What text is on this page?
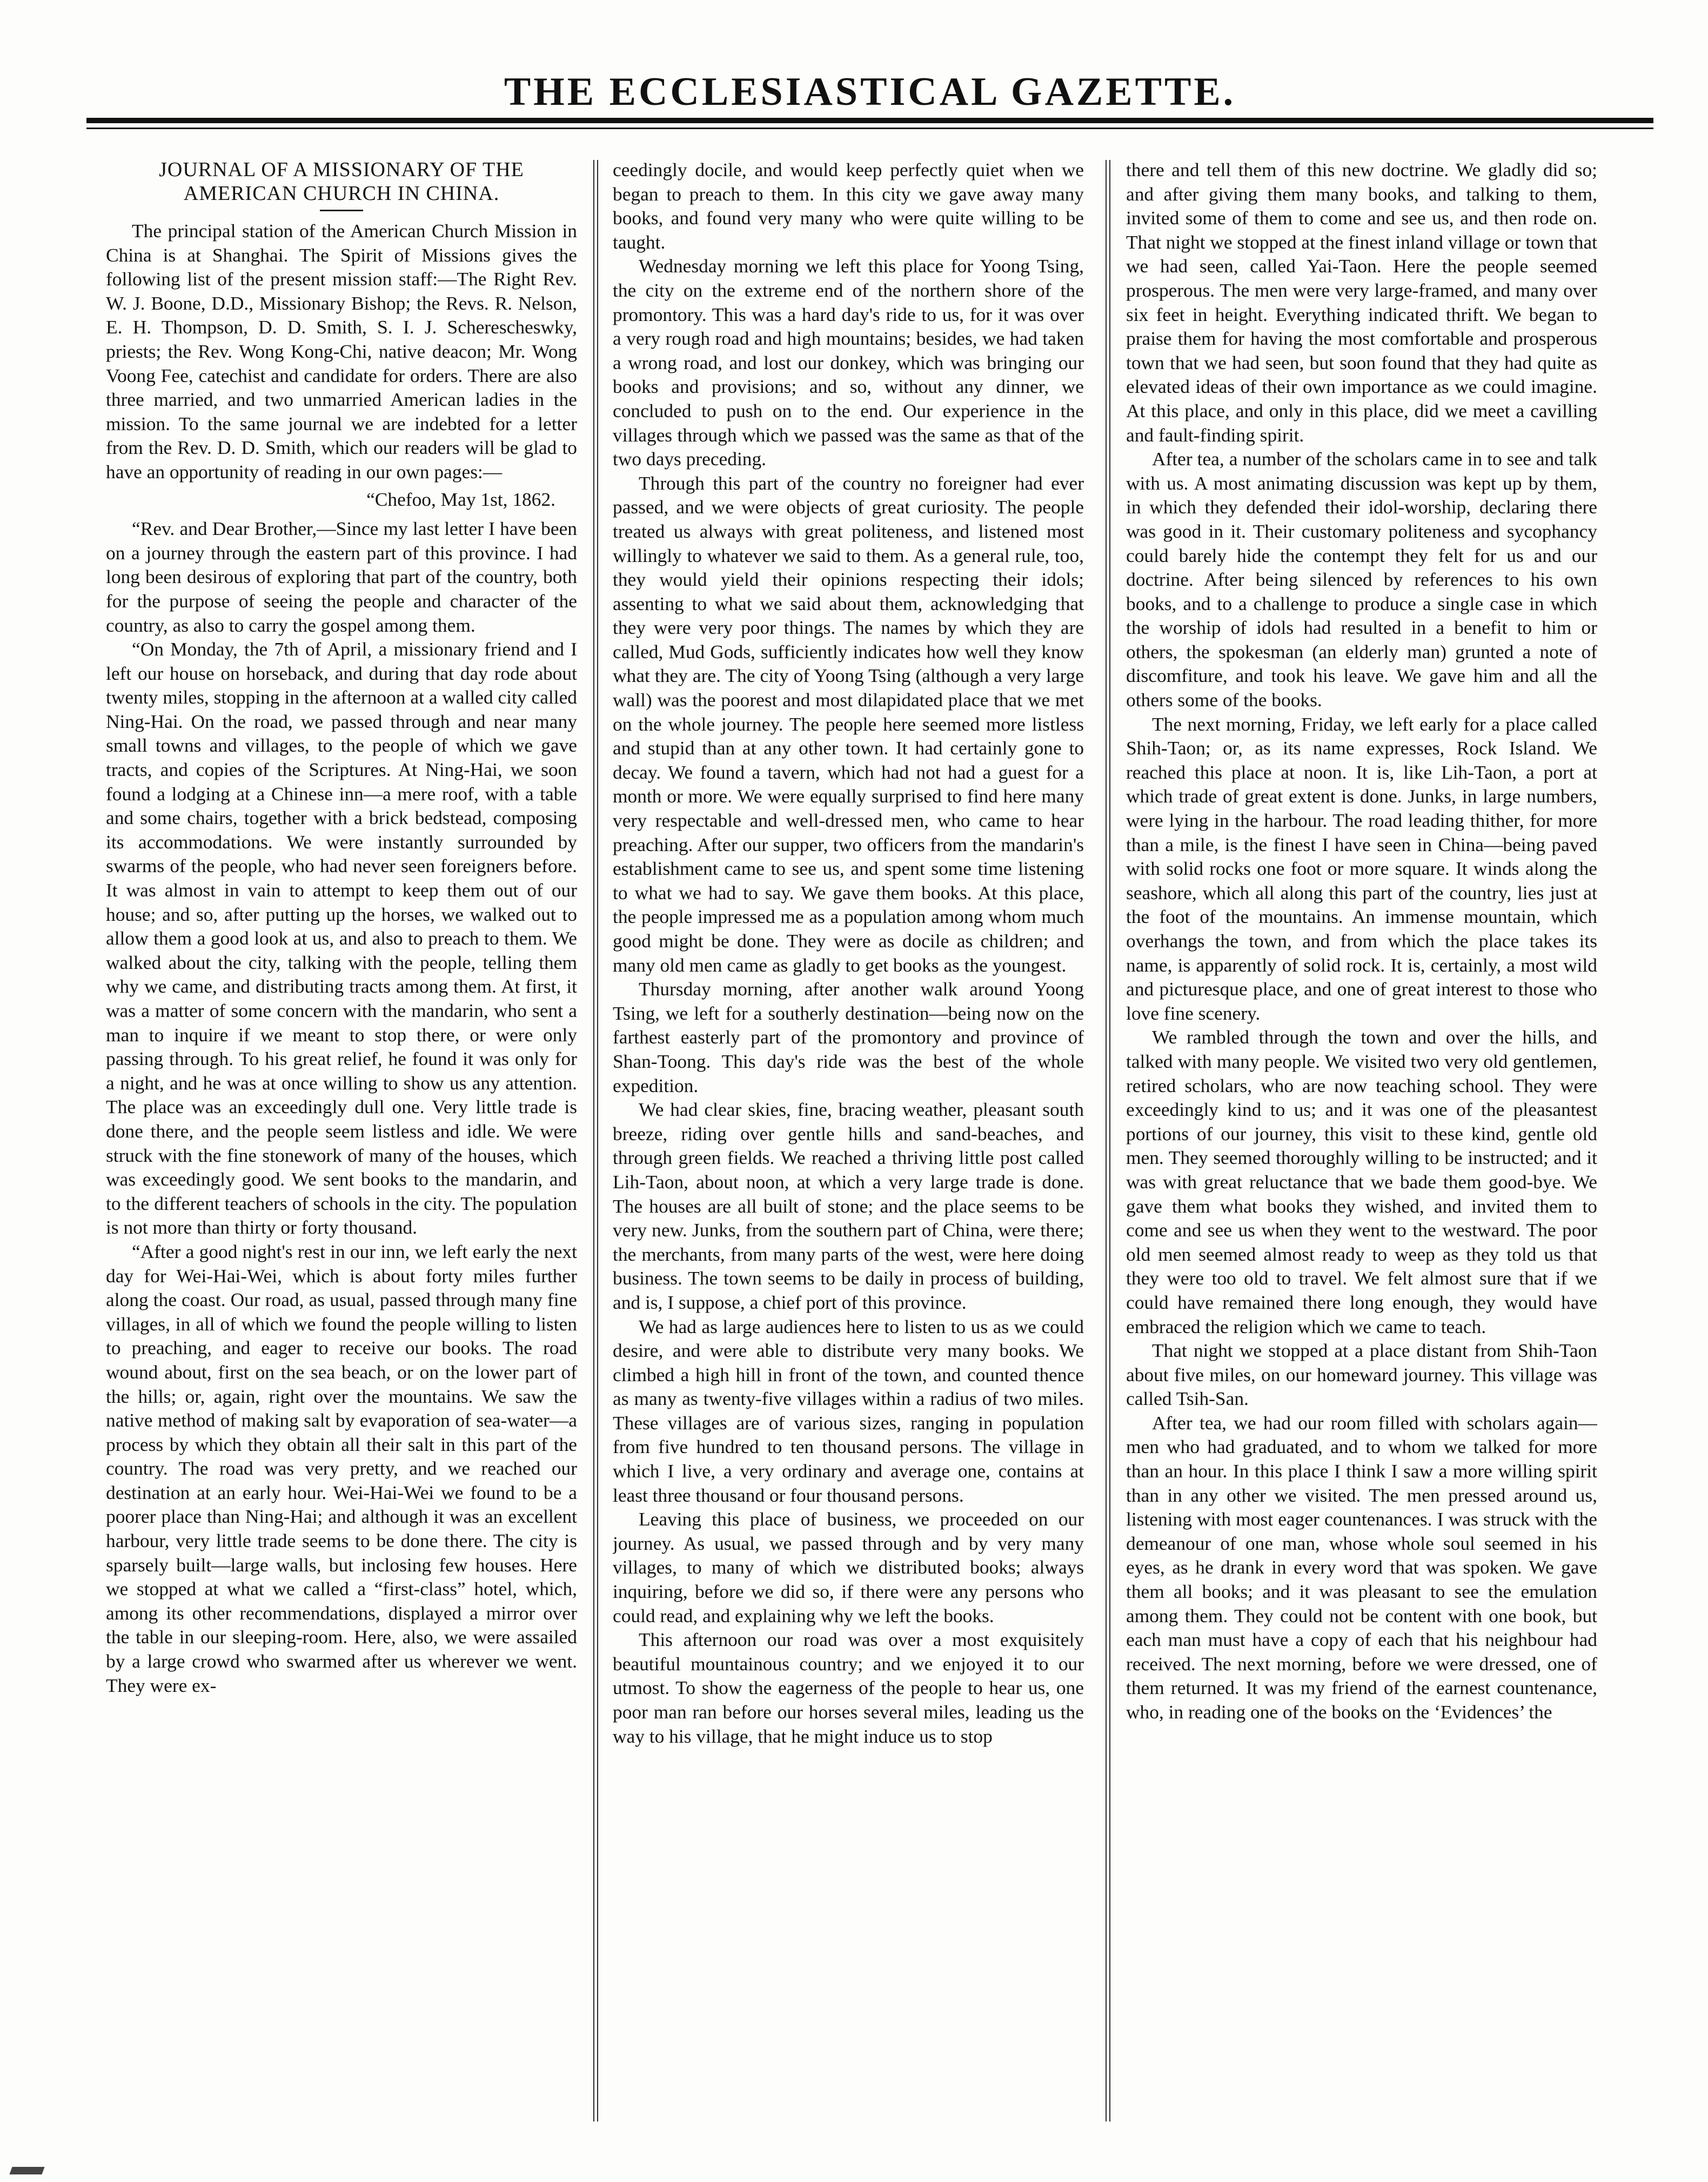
THE ECCLESIASTICAL GAZETTE.
JOURNAL OF A MISSIONARY OF THE AMERICAN CHURCH IN CHINA.

The principal station of the American Church Mission in China is at Shanghai. The Spirit of Missions gives the following list of the present mission staff:—The Right Rev. W. J. Boone, D.D., Missionary Bishop; the Revs. R. Nelson, E. H. Thompson, D. D. Smith, S. I. J. Scherescheswky, priests; the Rev. Wong Kong-Chi, native deacon; Mr. Wong Voong Fee, catechist and candidate for orders. There are also three married, and two unmarried American ladies in the mission. To the same journal we are indebted for a letter from the Rev. D. D. Smith, which our readers will be glad to have an opportunity of reading in our own pages:—

“Chefoo, May 1st, 1862.

“Rev. and Dear Brother,—Since my last letter I have been on a journey through the eastern part of this province. I had long been desirous of exploring that part of the country, both for the purpose of seeing the people and character of the country, as also to carry the gospel among them.

“On Monday, the 7th of April, a missionary friend and I left our house on horseback, and during that day rode about twenty miles, stopping in the afternoon at a walled city called Ning-Hai. On the road, we passed through and near many small towns and villages, to the people of which we gave tracts, and copies of the Scriptures. At Ning-Hai, we soon found a lodging at a Chinese inn—a mere roof, with a table and some chairs, together with a brick bedstead, composing its accommodations. We were instantly surrounded by swarms of the people, who had never seen foreigners before. It was almost in vain to attempt to keep them out of our house; and so, after putting up the horses, we walked out to allow them a good look at us, and also to preach to them. We walked about the city, talking with the people, telling them why we came, and distributing tracts among them. At first, it was a matter of some concern with the mandarin, who sent a man to inquire if we meant to stop there, or were only passing through. To his great relief, he found it was only for a night, and he was at once willing to show us any attention. The place was an exceedingly dull one. Very little trade is done there, and the people seem listless and idle. We were struck with the fine stonework of many of the houses, which was exceedingly good. We sent books to the mandarin, and to the different teachers of schools in the city. The population is not more than thirty or forty thousand.

“After a good night's rest in our inn, we left early the next day for Wei-Hai-Wei, which is about forty miles further along the coast. Our road, as usual, passed through many fine villages, in all of which we found the people willing to listen to preaching, and eager to receive our books. The road wound about, first on the sea beach, or on the lower part of the hills; or, again, right over the mountains. We saw the native method of making salt by evaporation of sea-water—a process by which they obtain all their salt in this part of the country. The road was very pretty, and we reached our destination at an early hour. Wei-Hai-Wei we found to be a poorer place than Ning-Hai; and although it was an excellent harbour, very little trade seems to be done there. The city is sparsely built—large walls, but inclosing few houses. Here we stopped at what we called a “first-class” hotel, which, among its other recommendations, displayed a mirror over the table in our sleeping-room. Here, also, we were assailed by a large crowd who swarmed after us wherever we went. They were ex-

ceedingly docile, and would keep perfectly quiet when we began to preach to them. In this city we gave away many books, and found very many who were quite willing to be taught.

Wednesday morning we left this place for Yoong Tsing, the city on the extreme end of the northern shore of the promontory. This was a hard day's ride to us, for it was over a very rough road and high mountains; besides, we had taken a wrong road, and lost our donkey, which was bringing our books and provisions; and so, without any dinner, we concluded to push on to the end. Our experience in the villages through which we passed was the same as that of the two days preceding.

Through this part of the country no foreigner had ever passed, and we were objects of great curiosity. The people treated us always with great politeness, and listened most willingly to whatever we said to them. As a general rule, too, they would yield their opinions respecting their idols; assenting to what we said about them, acknowledging that they were very poor things. The names by which they are called, Mud Gods, sufficiently indicates how well they know what they are. The city of Yoong Tsing (although a very large wall) was the poorest and most dilapidated place that we met on the whole journey. The people here seemed more listless and stupid than at any other town. It had certainly gone to decay. We found a tavern, which had not had a guest for a month or more. We were equally surprised to find here many very respectable and well-dressed men, who came to hear preaching. After our supper, two officers from the mandarin's establishment came to see us, and spent some time listening to what we had to say. We gave them books. At this place, the people impressed me as a population among whom much good might be done. They were as docile as children; and many old men came as gladly to get books as the youngest.

Thursday morning, after another walk around Yoong Tsing, we left for a southerly destination—being now on the farthest easterly part of the promontory and province of Shan-Toong. This day's ride was the best of the whole expedition.

We had clear skies, fine, bracing weather, pleasant south breeze, riding over gentle hills and sand-beaches, and through green fields. We reached a thriving little post called Lih-Taon, about noon, at which a very large trade is done. The houses are all built of stone; and the place seems to be very new. Junks, from the southern part of China, were there; the merchants, from many parts of the west, were here doing business. The town seems to be daily in process of building, and is, I suppose, a chief port of this province.

We had as large audiences here to listen to us as we could desire, and were able to distribute very many books. We climbed a high hill in front of the town, and counted thence as many as twenty-five villages within a radius of two miles. These villages are of various sizes, ranging in population from five hundred to ten thousand persons. The village in which I live, a very ordinary and average one, contains at least three thousand or four thousand persons.

Leaving this place of business, we proceeded on our journey. As usual, we passed through and by very many villages, to many of which we distributed books; always inquiring, before we did so, if there were any persons who could read, and explaining why we left the books.

This afternoon our road was over a most exquisitely beautiful mountainous country; and we enjoyed it to our utmost. To show the eagerness of the people to hear us, one poor man ran before our horses several miles, leading us the way to his village, that he might induce us to stop

there and tell them of this new doctrine. We gladly did so; and after giving them many books, and talking to them, invited some of them to come and see us, and then rode on. That night we stopped at the finest inland village or town that we had seen, called Yai-Taon. Here the people seemed prosperous. The men were very large-framed, and many over six feet in height. Everything indicated thrift. We began to praise them for having the most comfortable and prosperous town that we had seen, but soon found that they had quite as elevated ideas of their own importance as we could imagine. At this place, and only in this place, did we meet a cavilling and fault-finding spirit.

After tea, a number of the scholars came in to see and talk with us. A most animating discussion was kept up by them, in which they defended their idol-worship, declaring there was good in it. Their customary politeness and sycophancy could barely hide the contempt they felt for us and our doctrine. After being silenced by references to his own books, and to a challenge to produce a single case in which the worship of idols had resulted in a benefit to him or others, the spokesman (an elderly man) grunted a note of discomfiture, and took his leave. We gave him and all the others some of the books.

The next morning, Friday, we left early for a place called Shih-Taon; or, as its name expresses, Rock Island. We reached this place at noon. It is, like Lih-Taon, a port at which trade of great extent is done. Junks, in large numbers, were lying in the harbour. The road leading thither, for more than a mile, is the finest I have seen in China—being paved with solid rocks one foot or more square. It winds along the seashore, which all along this part of the country, lies just at the foot of the mountains. An immense mountain, which overhangs the town, and from which the place takes its name, is apparently of solid rock. It is, certainly, a most wild and picturesque place, and one of great interest to those who love fine scenery.

We rambled through the town and over the hills, and talked with many people. We visited two very old gentlemen, retired scholars, who are now teaching school. They were exceedingly kind to us; and it was one of the pleasantest portions of our journey, this visit to these kind, gentle old men. They seemed thoroughly willing to be instructed; and it was with great reluctance that we bade them good-bye. We gave them what books they wished, and invited them to come and see us when they went to the westward. The poor old men seemed almost ready to weep as they told us that they were too old to travel. We felt almost sure that if we could have remained there long enough, they would have embraced the religion which we came to teach.

That night we stopped at a place distant from Shih-Taon about five miles, on our homeward journey. This village was called Tsih-San.

After tea, we had our room filled with scholars again—men who had graduated, and to whom we talked for more than an hour. In this place I think I saw a more willing spirit than in any other we visited. The men pressed around us, listening with most eager countenances. I was struck with the demeanour of one man, whose whole soul seemed in his eyes, as he drank in every word that was spoken. We gave them all books; and it was pleasant to see the emulation among them. They could not be content with one book, but each man must have a copy of each that his neighbour had received. The next morning, before we were dressed, one of them returned. It was my friend of the earnest countenance, who, in reading one of the books on the ‘Evidences’ the
